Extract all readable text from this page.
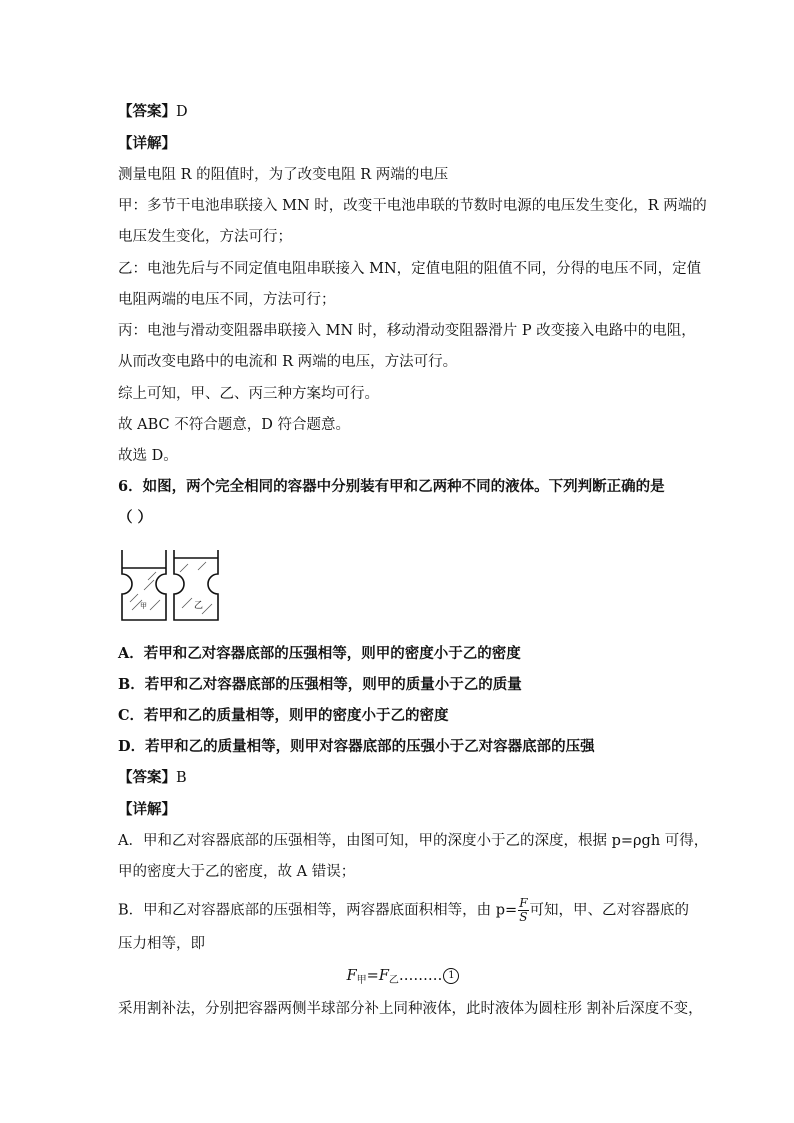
【答案】D
【详解】
测量电阻 R 的阻值时，为了改变电阻 R 两端的电压
甲：多节干电池串联接入 MN 时，改变干电池串联的节数时电源的电压发生变化，R 两端的
电压发生变化，方法可行；
乙：电池先后与不同定值电阻串联接入 MN，定值电阻的阻值不同，分得的电压不同，定值
电阻两端的电压不同，方法可行；
丙：电池与滑动变阻器串联接入 MN 时，移动滑动变阻器滑片 P 改变接入电路中的电阻，
从而改变电路中的电流和 R 两端的电压，方法可行。
综上可知，甲、乙、丙三种方案均可行。
故 ABC 不符合题意，D 符合题意。
故选 D。
6．如图，两个完全相同的容器中分别装有甲和乙两种不同的液体。下列判断正确的是
（ ）
A．若甲和乙对容器底部的压强相等，则甲的密度小于乙的密度
B．若甲和乙对容器底部的压强相等，则甲的质量小于乙的质量
C．若甲和乙的质量相等，则甲的密度小于乙的密度
D．若甲和乙的质量相等，则甲对容器底部的压强小于乙对容器底部的压强
【答案】B
【详解】
A．甲和乙对容器底部的压强相等，由图可知，甲的深度小于乙的深度，根据 p=ρgh 可得，
甲的密度大于乙的密度，故 A 错误；
B．甲和乙对容器底部的压强相等，两容器底面积相等，由 $p= \frac{F}{S}$ 可知，甲、乙对容器底的
压力相等，即
$F_甲=F_乙\dots\dots\dots$ 1
采用割补法，分别把容器两侧半球部分补上同种液体，此时液体为圆柱形 割补后深度不变，
甲	乙
